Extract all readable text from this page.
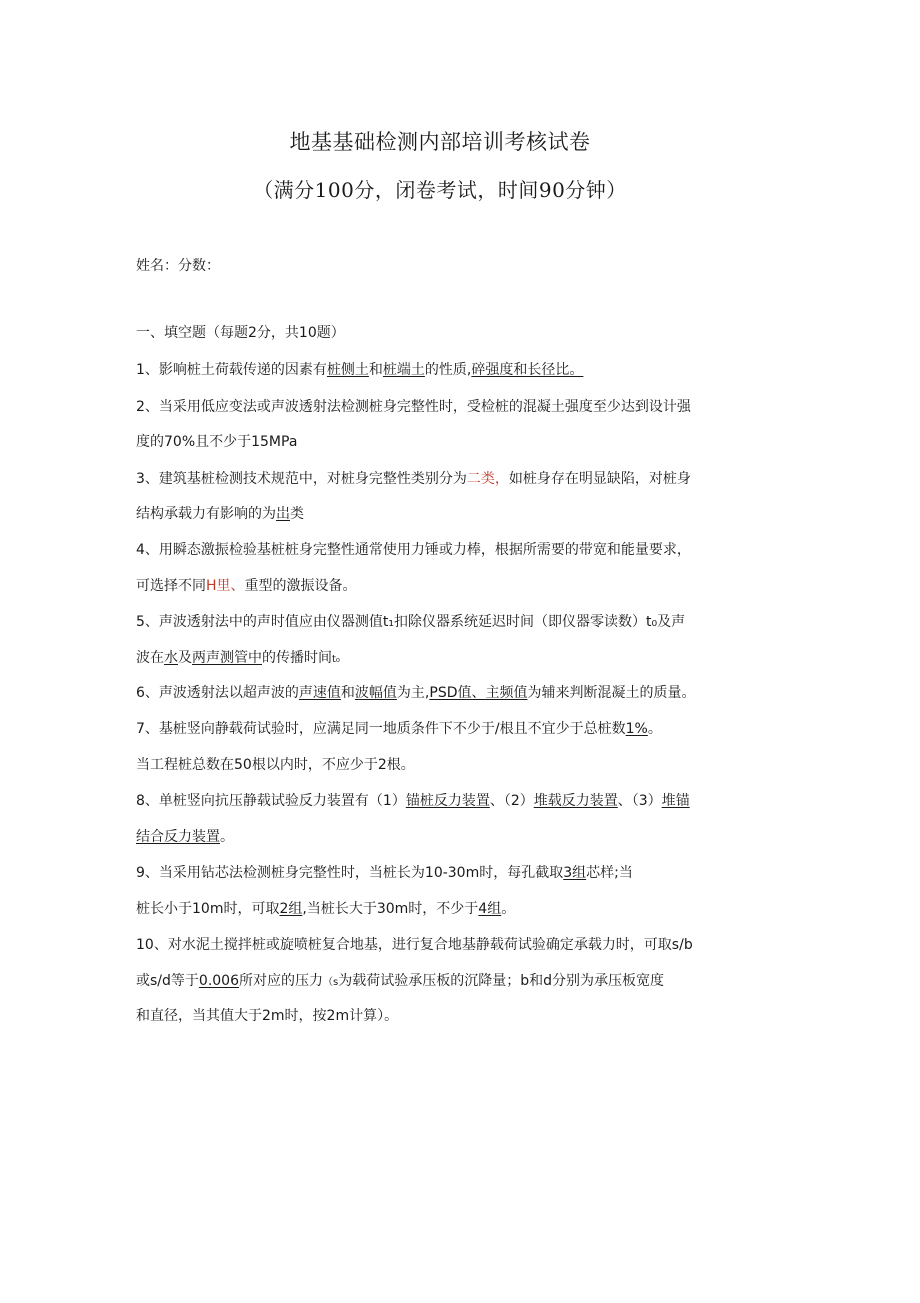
地基基础检测内部培训考核试卷
（满分100分，闭卷考试，时间90分钟）
姓名：分数：
一、填空题（每题2分，共10题）
1、影响桩土荷载传递的因素有桩侧土和桩端土的性质,碎强度和长径比。
2、当采用低应变法或声波透射法检测桩身完整性时，受检桩的混凝土强度至少达到设计强
度的70%且不少于15MPa
3、建筑基桩检测技术规范中，对桩身完整性类别分为二类，如桩身存在明显缺陷，对桩身
结构承载力有影响的为岀类
4、用瞬态激振检验基桩桩身完整性通常使用力锤或力棒，根据所需要的带宽和能量要求，
可选择不同H里、重型的激振设备。
5、声波透射法中的声时值应由仪器测值t₁扣除仪器系统延迟时间（即仪器零读数）t₀及声
波在水及两声测管中的传播时间t₀
6、声波透射法以超声波的声速值和波幅值为主,PSD值、主频值为辅来判断混凝土的质量。
7、基桩竖向静载荷试验时，应满足同一地质条件下不少于/根且不宜少于总桩数1%。
当工程桩总数在50根以内时，不应少于2根。
8、单桩竖向抗压静载试验反力装置有（1）锚桩反力装置、（2）堆载反力装置、（3）堆锚
结合反力装置。
9、当采用钻芯法检测桩身完整性时，当桩长为10-30m时，每孔截取3组芯样;当
桩长小于10m时，可取2组,当桩长大于30m时，不少于4组。
10、对水泥土搅拌桩或旋喷桩复合地基，进行复合地基静载荷试验确定承载力时，可取s/b
或s/d等于0.006所对应的压力（s为载荷试验承压板的沉降量；b和d分别为承压板宽度
和直径，当其值大于2m时，按2m计算）。
